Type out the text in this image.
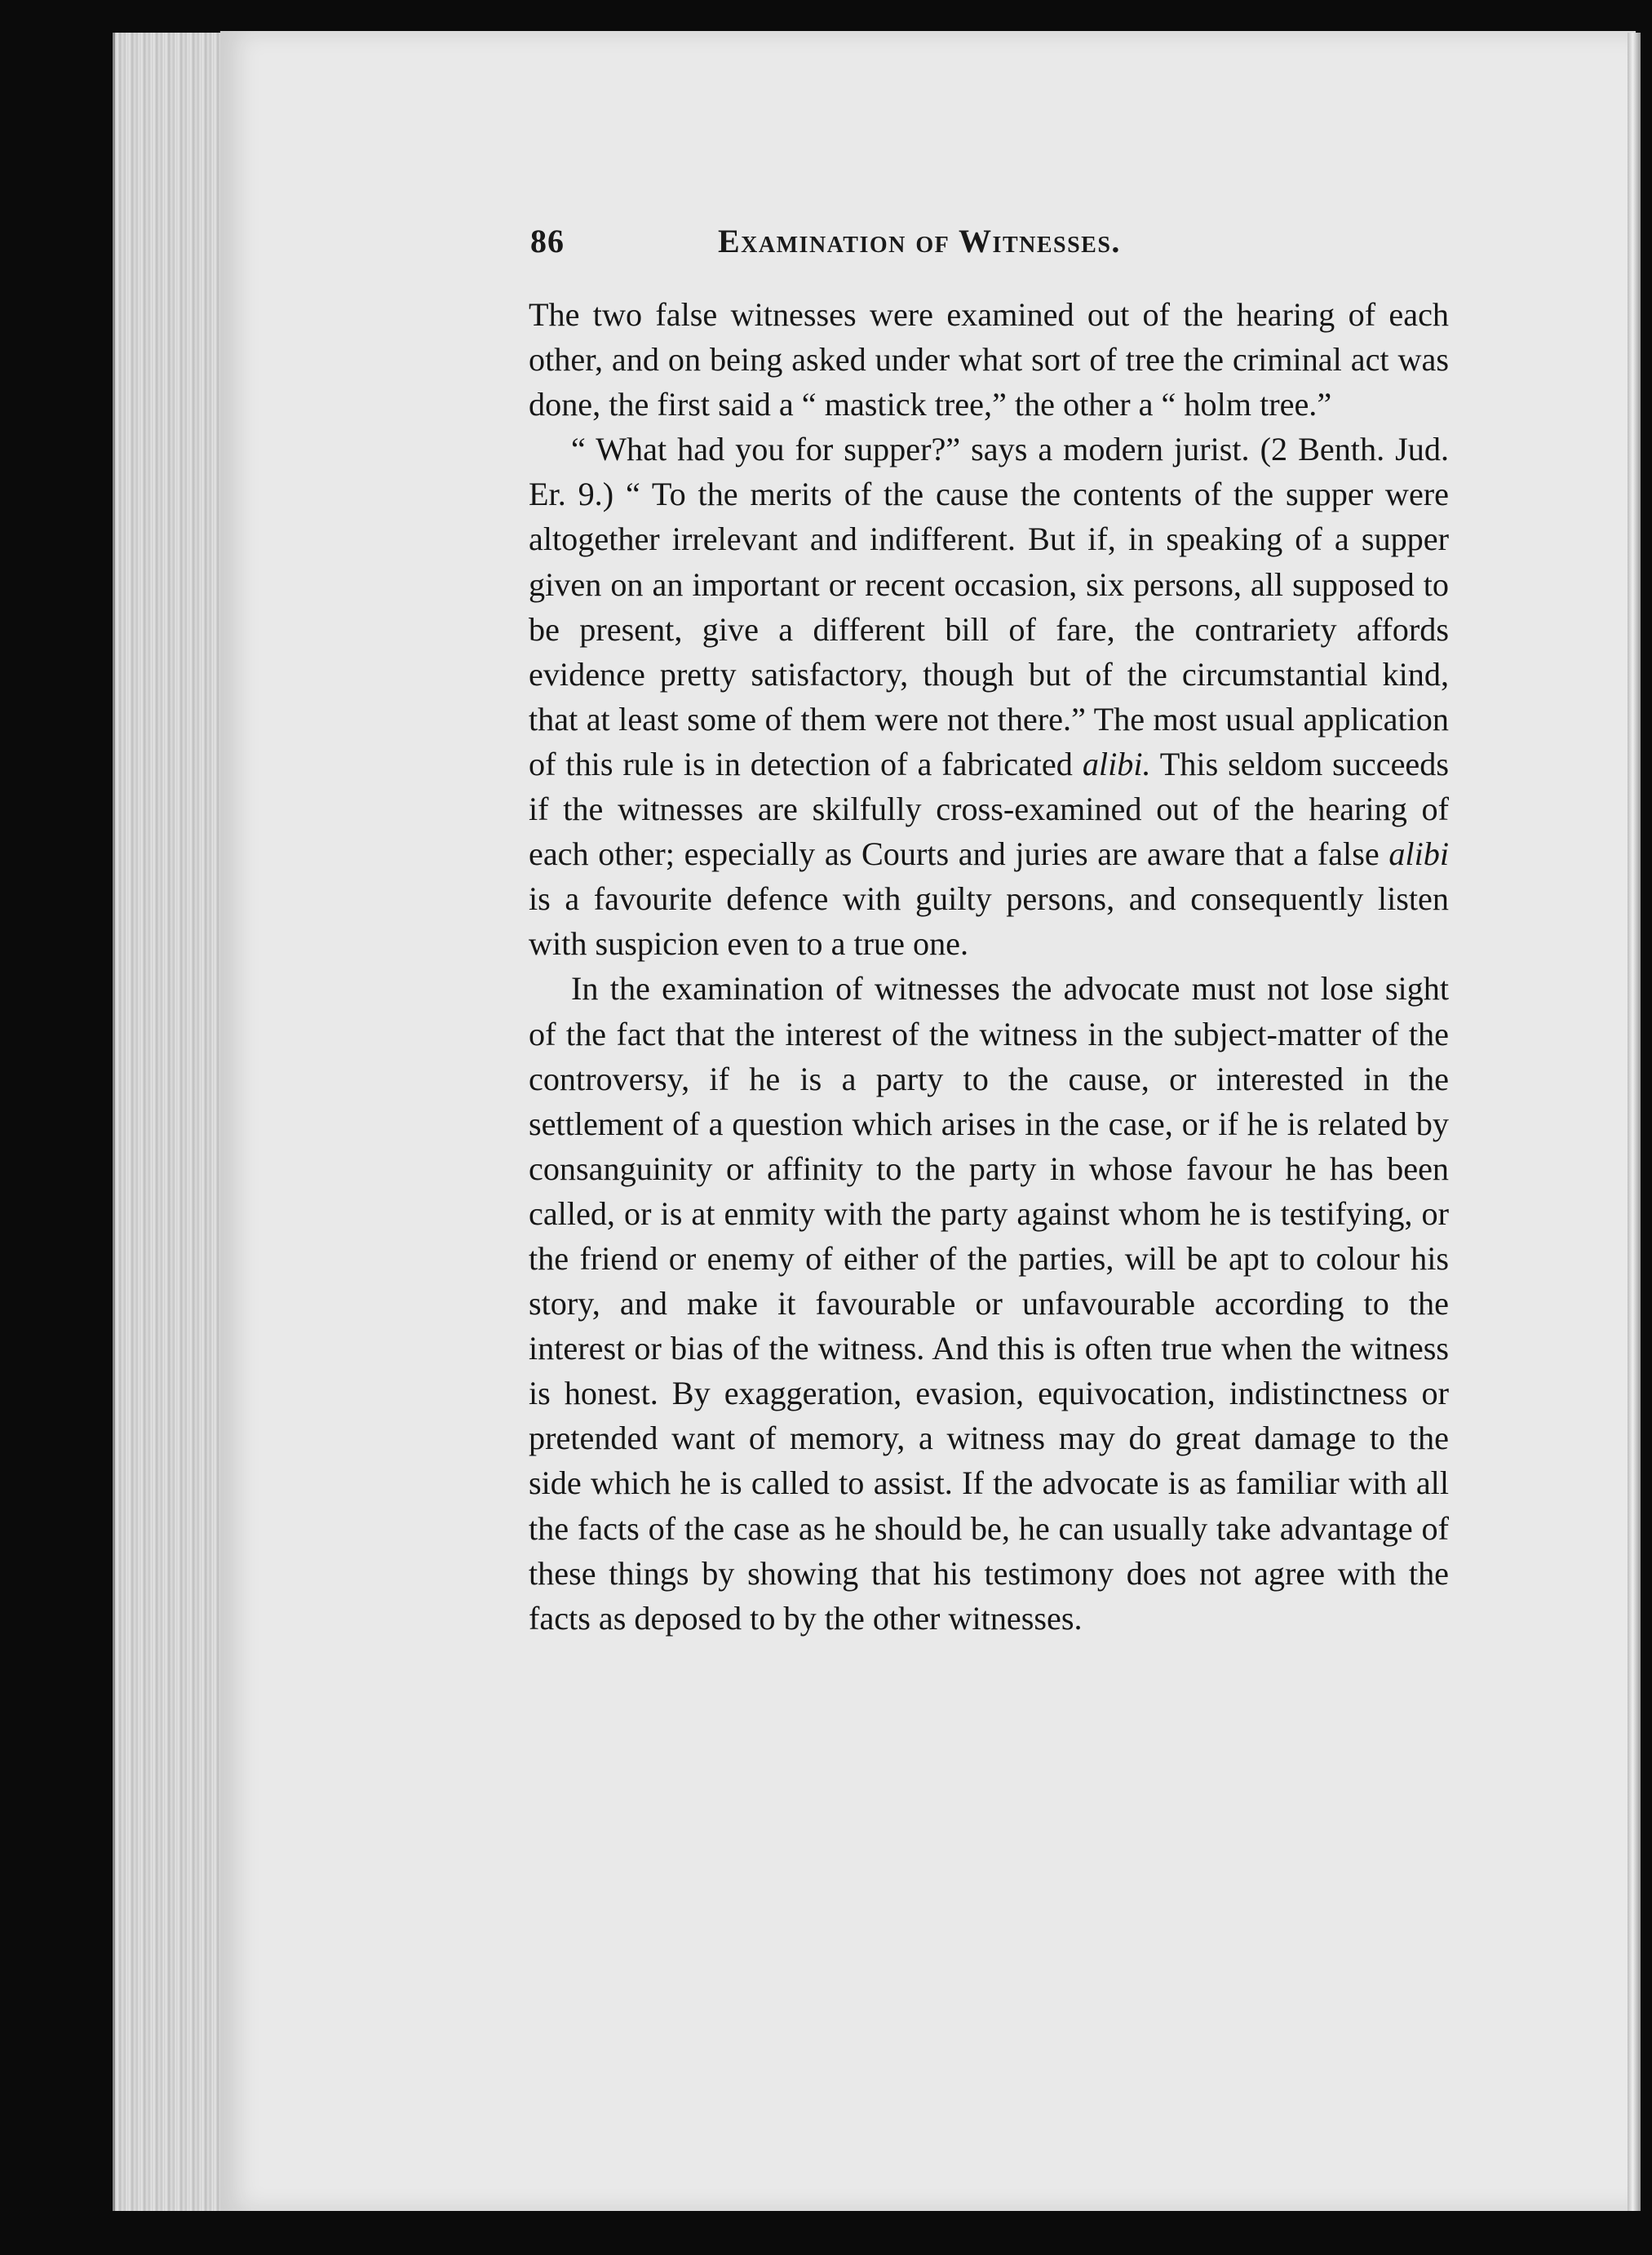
86	Examination of Witnesses.

The two false witnesses were examined out of the hearing of each other, and on being asked under what sort of tree the criminal act was done, the first said a “ mastick tree,” the other a “ holm tree.”

“ What had you for supper?” says a modern jurist. (2 Benth. Jud. Er. 9.) “ To the merits of the cause the contents of the supper were altogether irrelevant and indifferent. But if, in speaking of a supper given on an important or recent occasion, six persons, all supposed to be present, give a different bill of fare, the contrariety affords evidence pretty satisfactory, though but of the circumstantial kind, that at least some of them were not there.” The most usual application of this rule is in detection of a fabricated alibi. This seldom succeeds if the witnesses are skilfully cross-examined out of the hearing of each other; especially as Courts and juries are aware that a false alibi is a favourite defence with guilty persons, and consequently listen with suspicion even to a true one.

In the examination of witnesses the advocate must not lose sight of the fact that the interest of the witness in the subject-matter of the controversy, if he is a party to the cause, or interested in the settlement of a question which arises in the case, or if he is related by consanguinity or affinity to the party in whose favour he has been called, or is at enmity with the party against whom he is testifying, or the friend or enemy of either of the parties, will be apt to colour his story, and make it favourable or unfavourable according to the interest or bias of the witness. And this is often true when the witness is honest. By exaggeration, evasion, equivocation, indistinctness or pretended want of memory, a witness may do great damage to the side which he is called to assist. If the advocate is as familiar with all the facts of the case as he should be, he can usually take advantage of these things by showing that his testimony does not agree with the facts as deposed to by the other witnesses.
